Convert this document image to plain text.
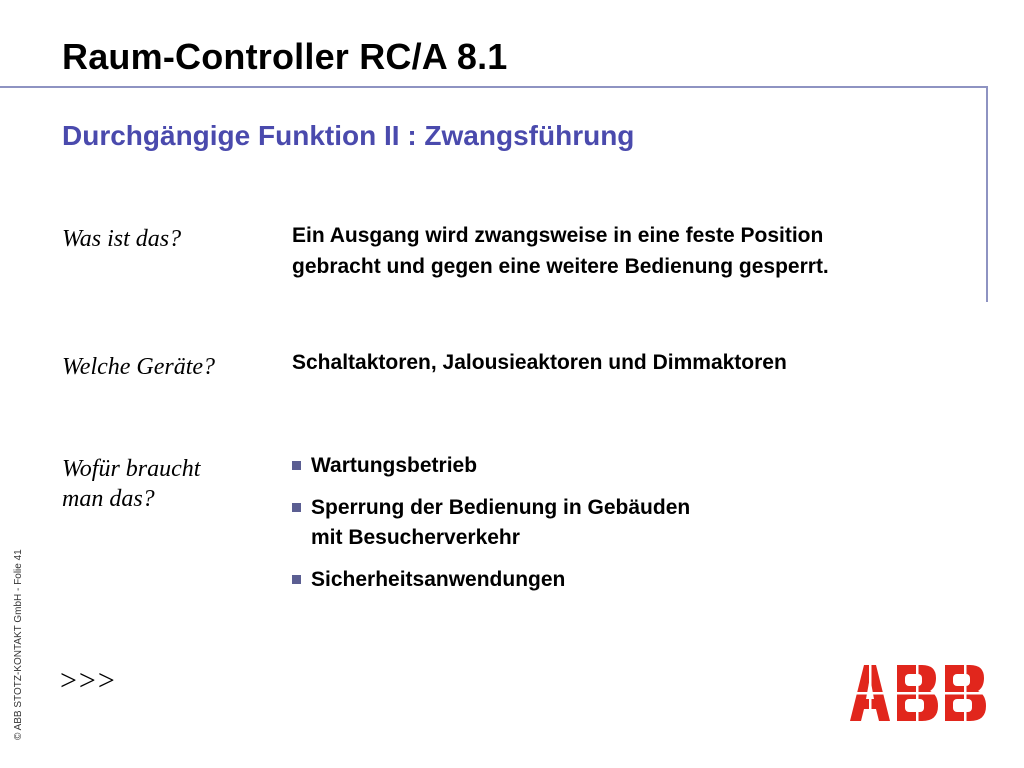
Raum-Controller RC/A 8.1
Durchgängige Funktion II : Zwangsführung
Was ist das?	Ein Ausgang wird zwangsweise in eine feste Position
gebracht und gegen eine weitere Bedienung gesperrt.
Welche Geräte?	Schaltaktoren, Jalousieaktoren und Dimmaktoren
Wofür braucht
man das?
Wartungsbetrieb
Sperrung der Bedienung in Gebäuden
mit Besucherverkehr
Sicherheitsanwendungen
>>>
© ABB STOTZ-KONTAKT GmbH - Folie 41
